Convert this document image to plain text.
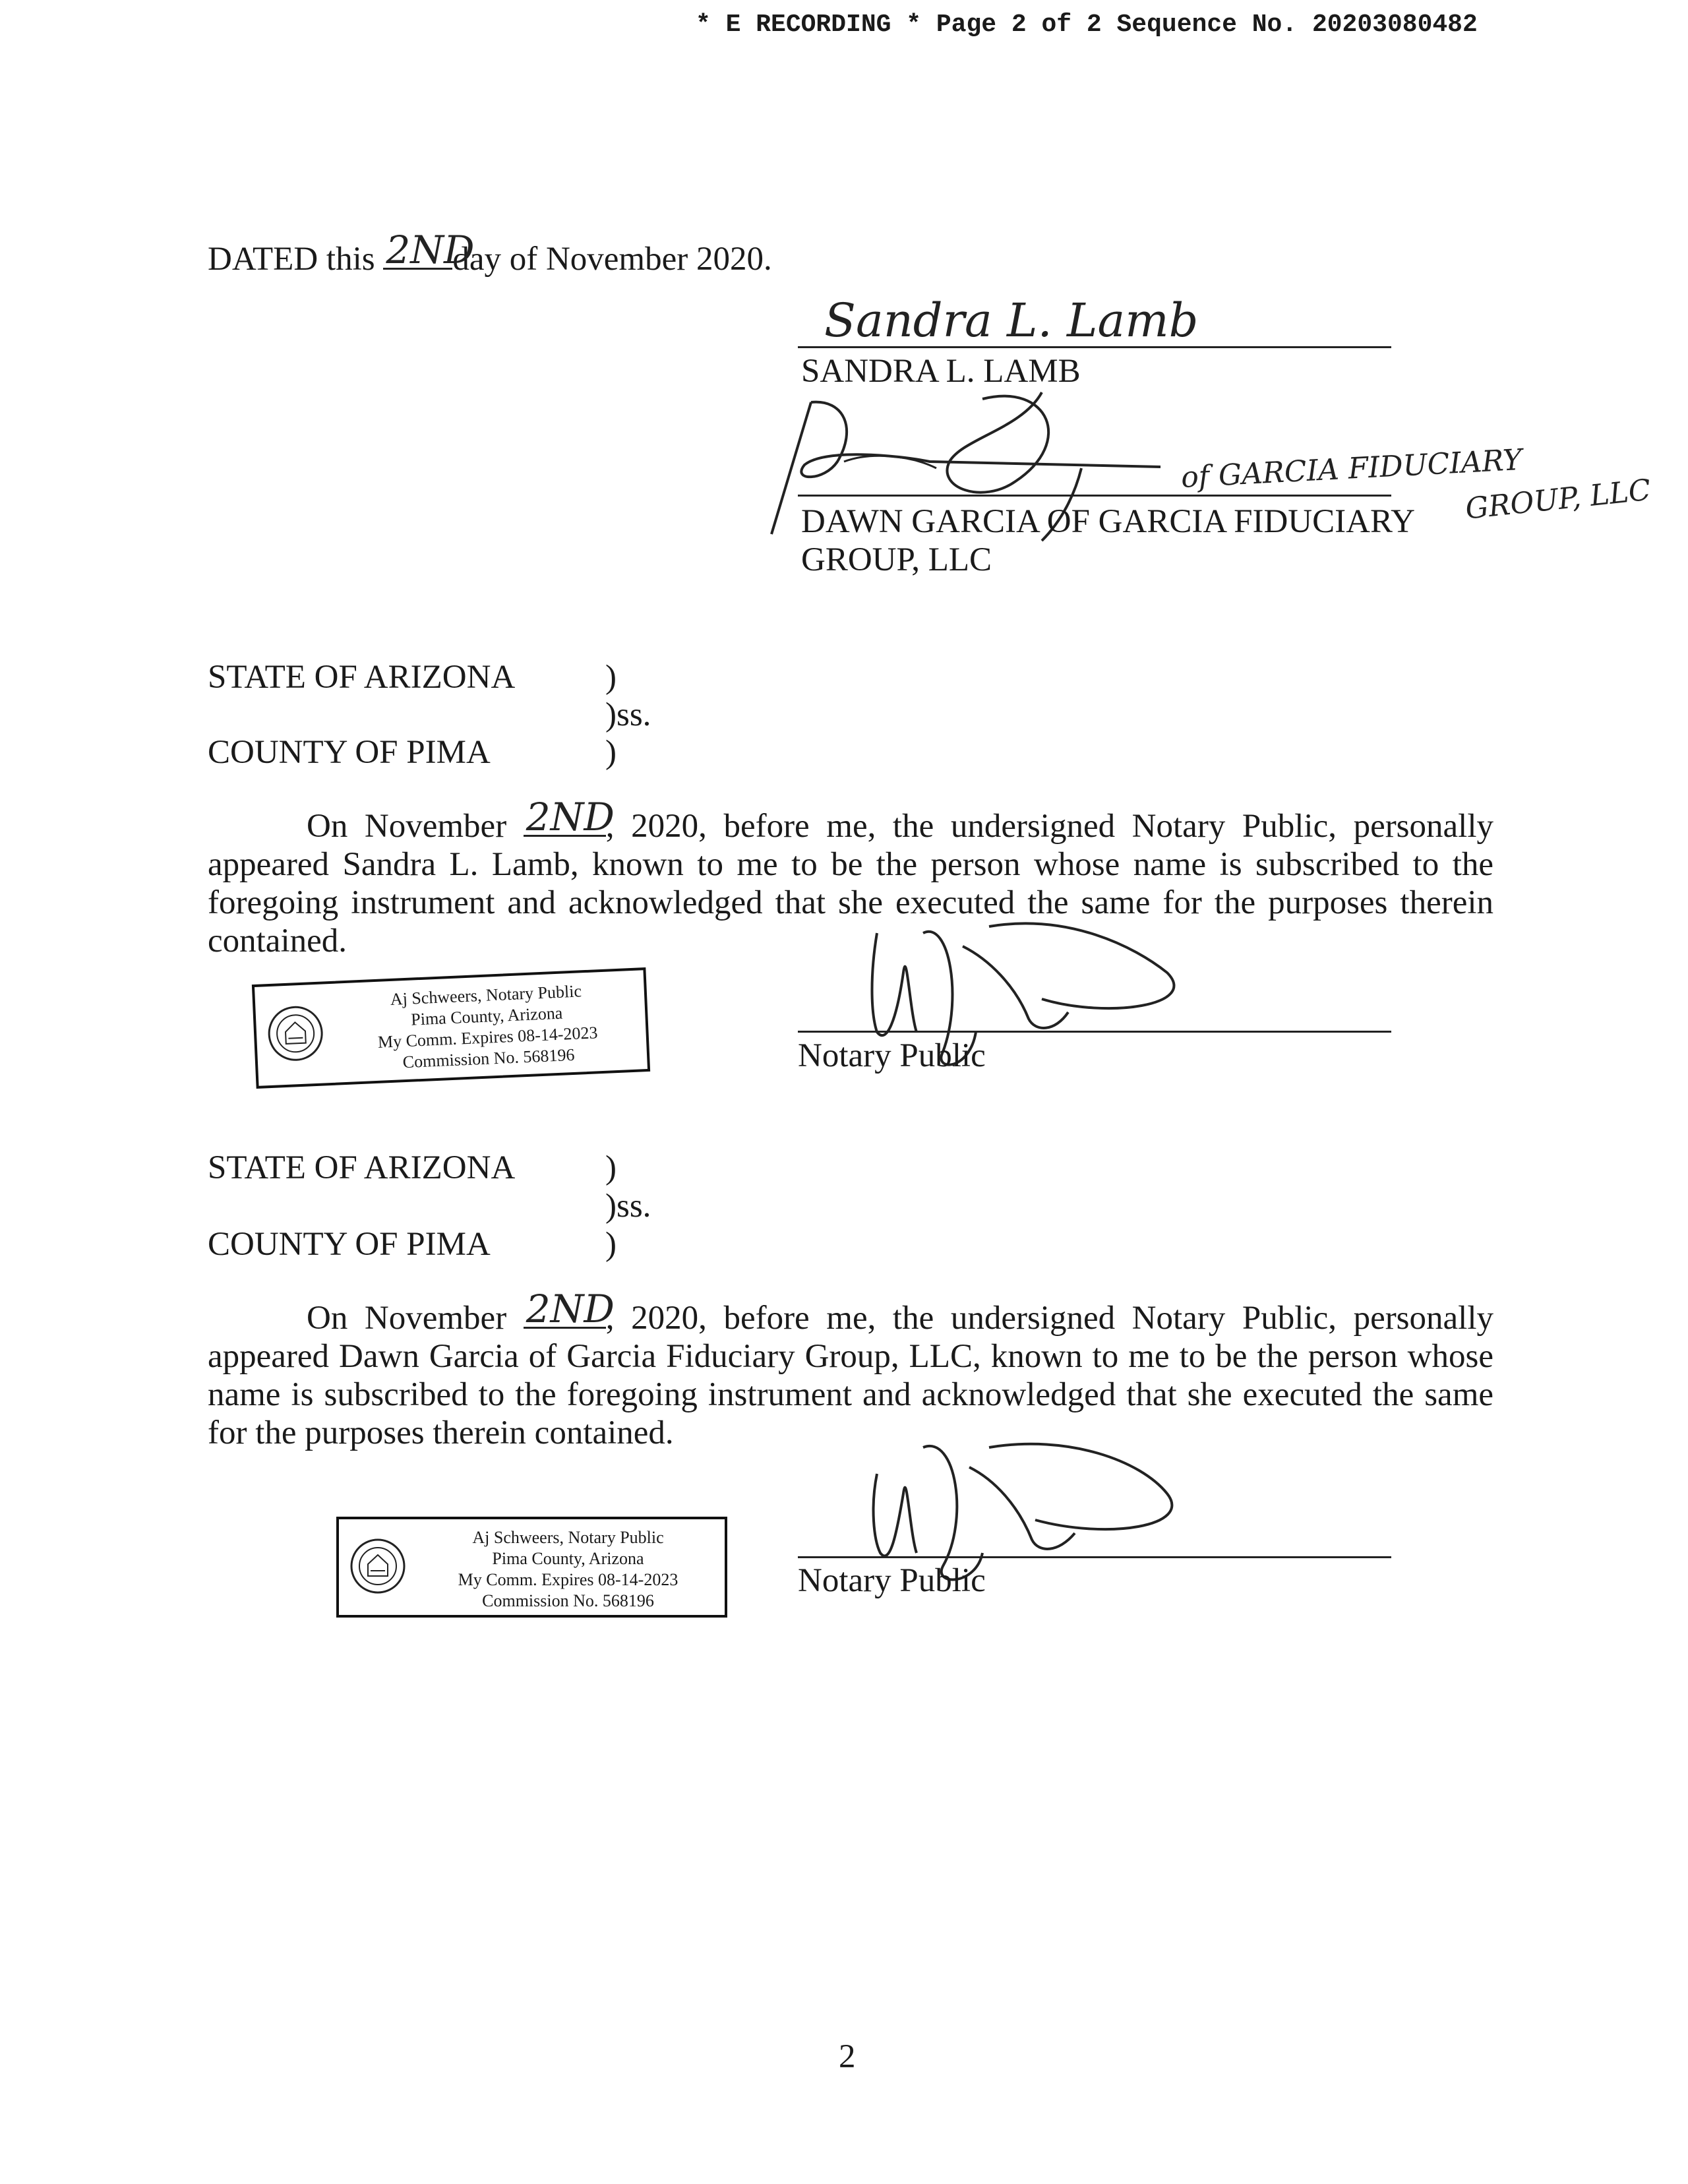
* E RECORDING * Page 2 of 2 Sequence No. 20203080482
DATED this 2ND
day of November 2020.
Sandra L. Lamb
SANDRA L. LAMB
of GARCIA FIDUCIARY
GROUP, LLC
DAWN GARCIA OF GARCIA FIDUCIARY
GROUP, LLC
STATE OF ARIZONA	)
)ss.
COUNTY OF PIMA	)
On November 2ND
, 2020, before me, the undersigned Notary Public, personally appeared Sandra L. Lamb, known to me to be the person whose name is subscribed to the foregoing instrument and acknowledged that she executed the same for the purposes therein contained.
Aj Schweers, Notary Public
Pima County, Arizona
My Comm. Expires 08-14-2023
Commission No. 568196	Notary Public
STATE OF ARIZONA	)
)ss.
COUNTY OF PIMA	)
On November 2ND
, 2020, before me, the undersigned Notary Public, personally appeared Dawn Garcia of Garcia Fiduciary Group, LLC, known to me to be the person whose name is subscribed to the foregoing instrument and acknowledged that she executed the same for the purposes therein contained.
Aj Schweers, Notary Public
Pima County, Arizona
My Comm. Expires 08-14-2023
Commission No. 568196
Notary Public
2
